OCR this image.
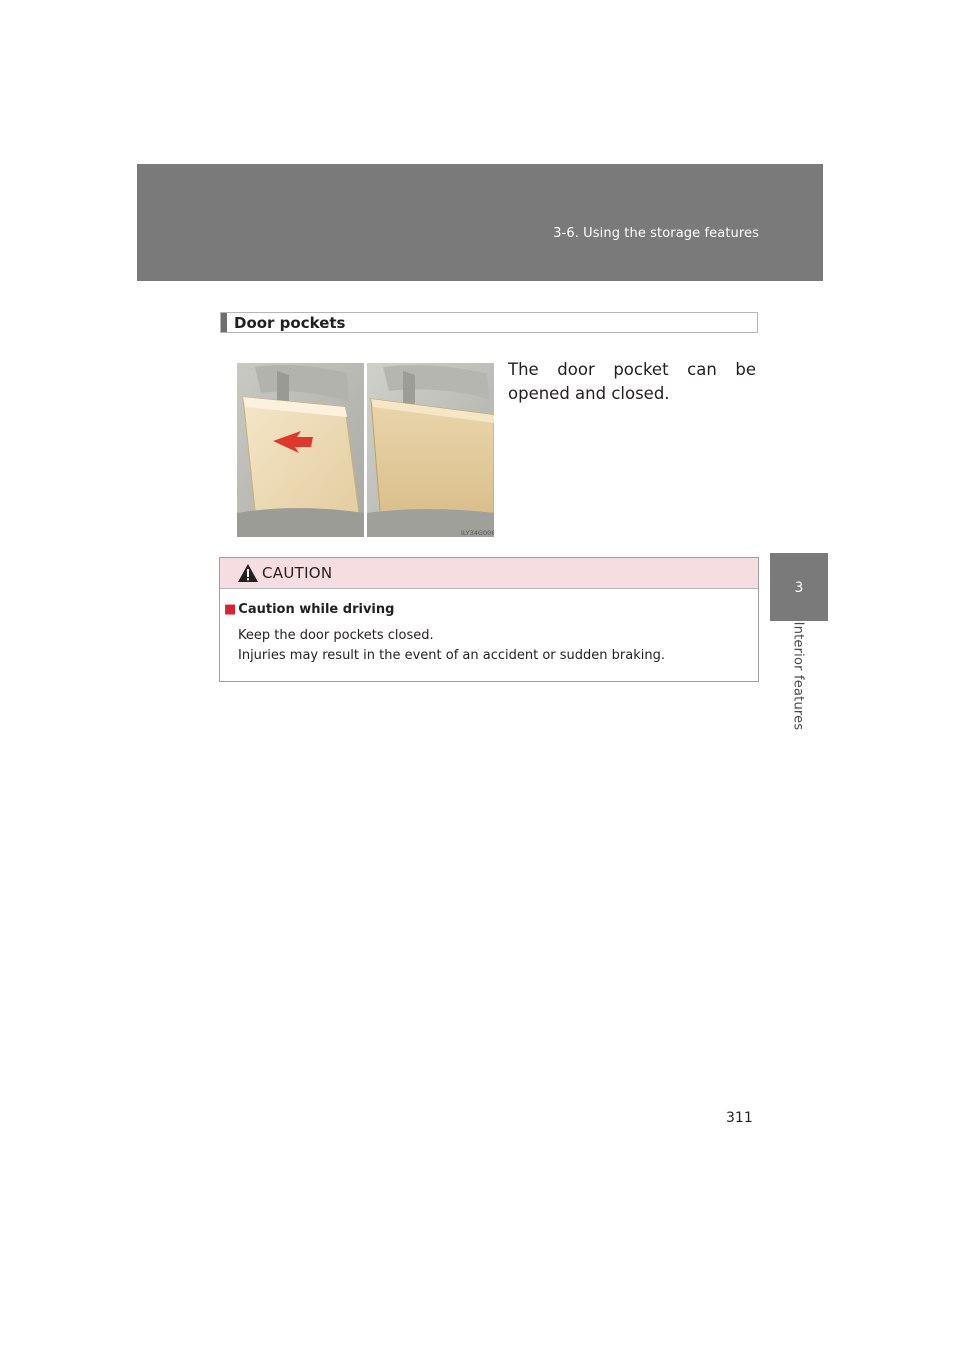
3-6. Using the storage features
3
Interior features
Door pockets
ILY34G006
The door pocket can be opened and closed.
CAUTION
■ Caution while driving
Keep the door pockets closed.
Injuries may result in the event of an accident or sudden braking.
311
